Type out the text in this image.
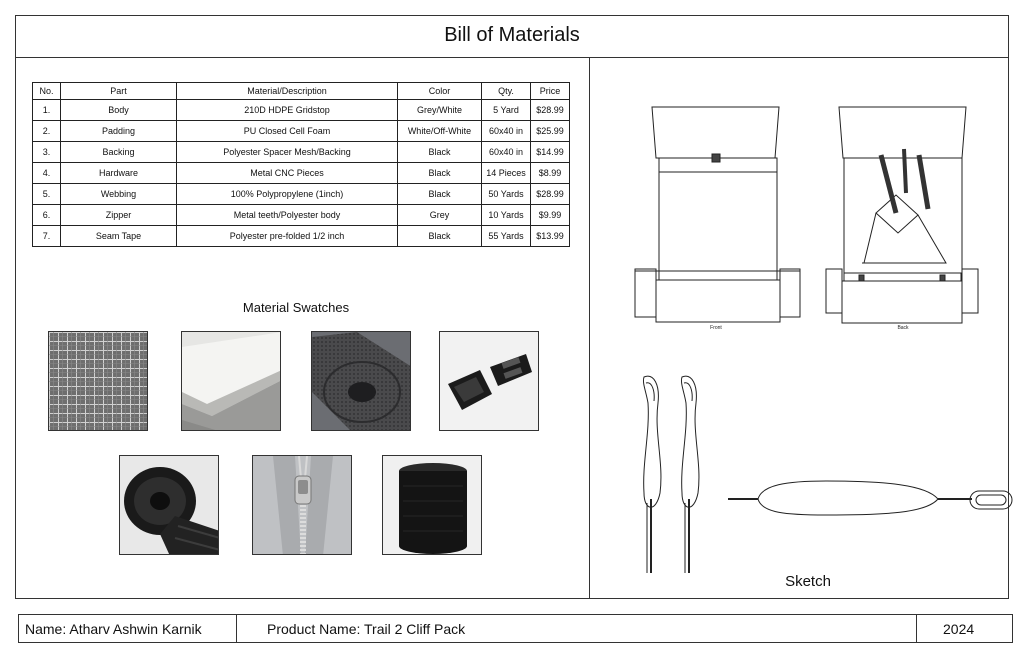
Bill of Materials
No.	Part	Material/Description	Color	Qty.	Price
1.	Body	210D HDPE Gridstop	Grey/White	5 Yard	$28.99
2.	Padding	PU Closed Cell Foam	White/Off-White	60x40 in	$25.99
3.	Backing	Polyester Spacer Mesh/Backing	Black	60x40 in	$14.99
4.	Hardware	Metal CNC Pieces	Black	14 Pieces	$8.99
5.	Webbing	100% Polypropylene (1inch)	Black	50 Yards	$28.99
6.	Zipper	Metal teeth/Polyester body	Grey	10 Yards	$9.99
7.	Seam Tape	Polyester pre-folded 1/2 inch	Black	55 Yards	$13.99
Material Swatches
Front	Back
Sketch
Name: Atharv Ashwin Karnik	Product Name: Trail 2 Cliff Pack	2024
